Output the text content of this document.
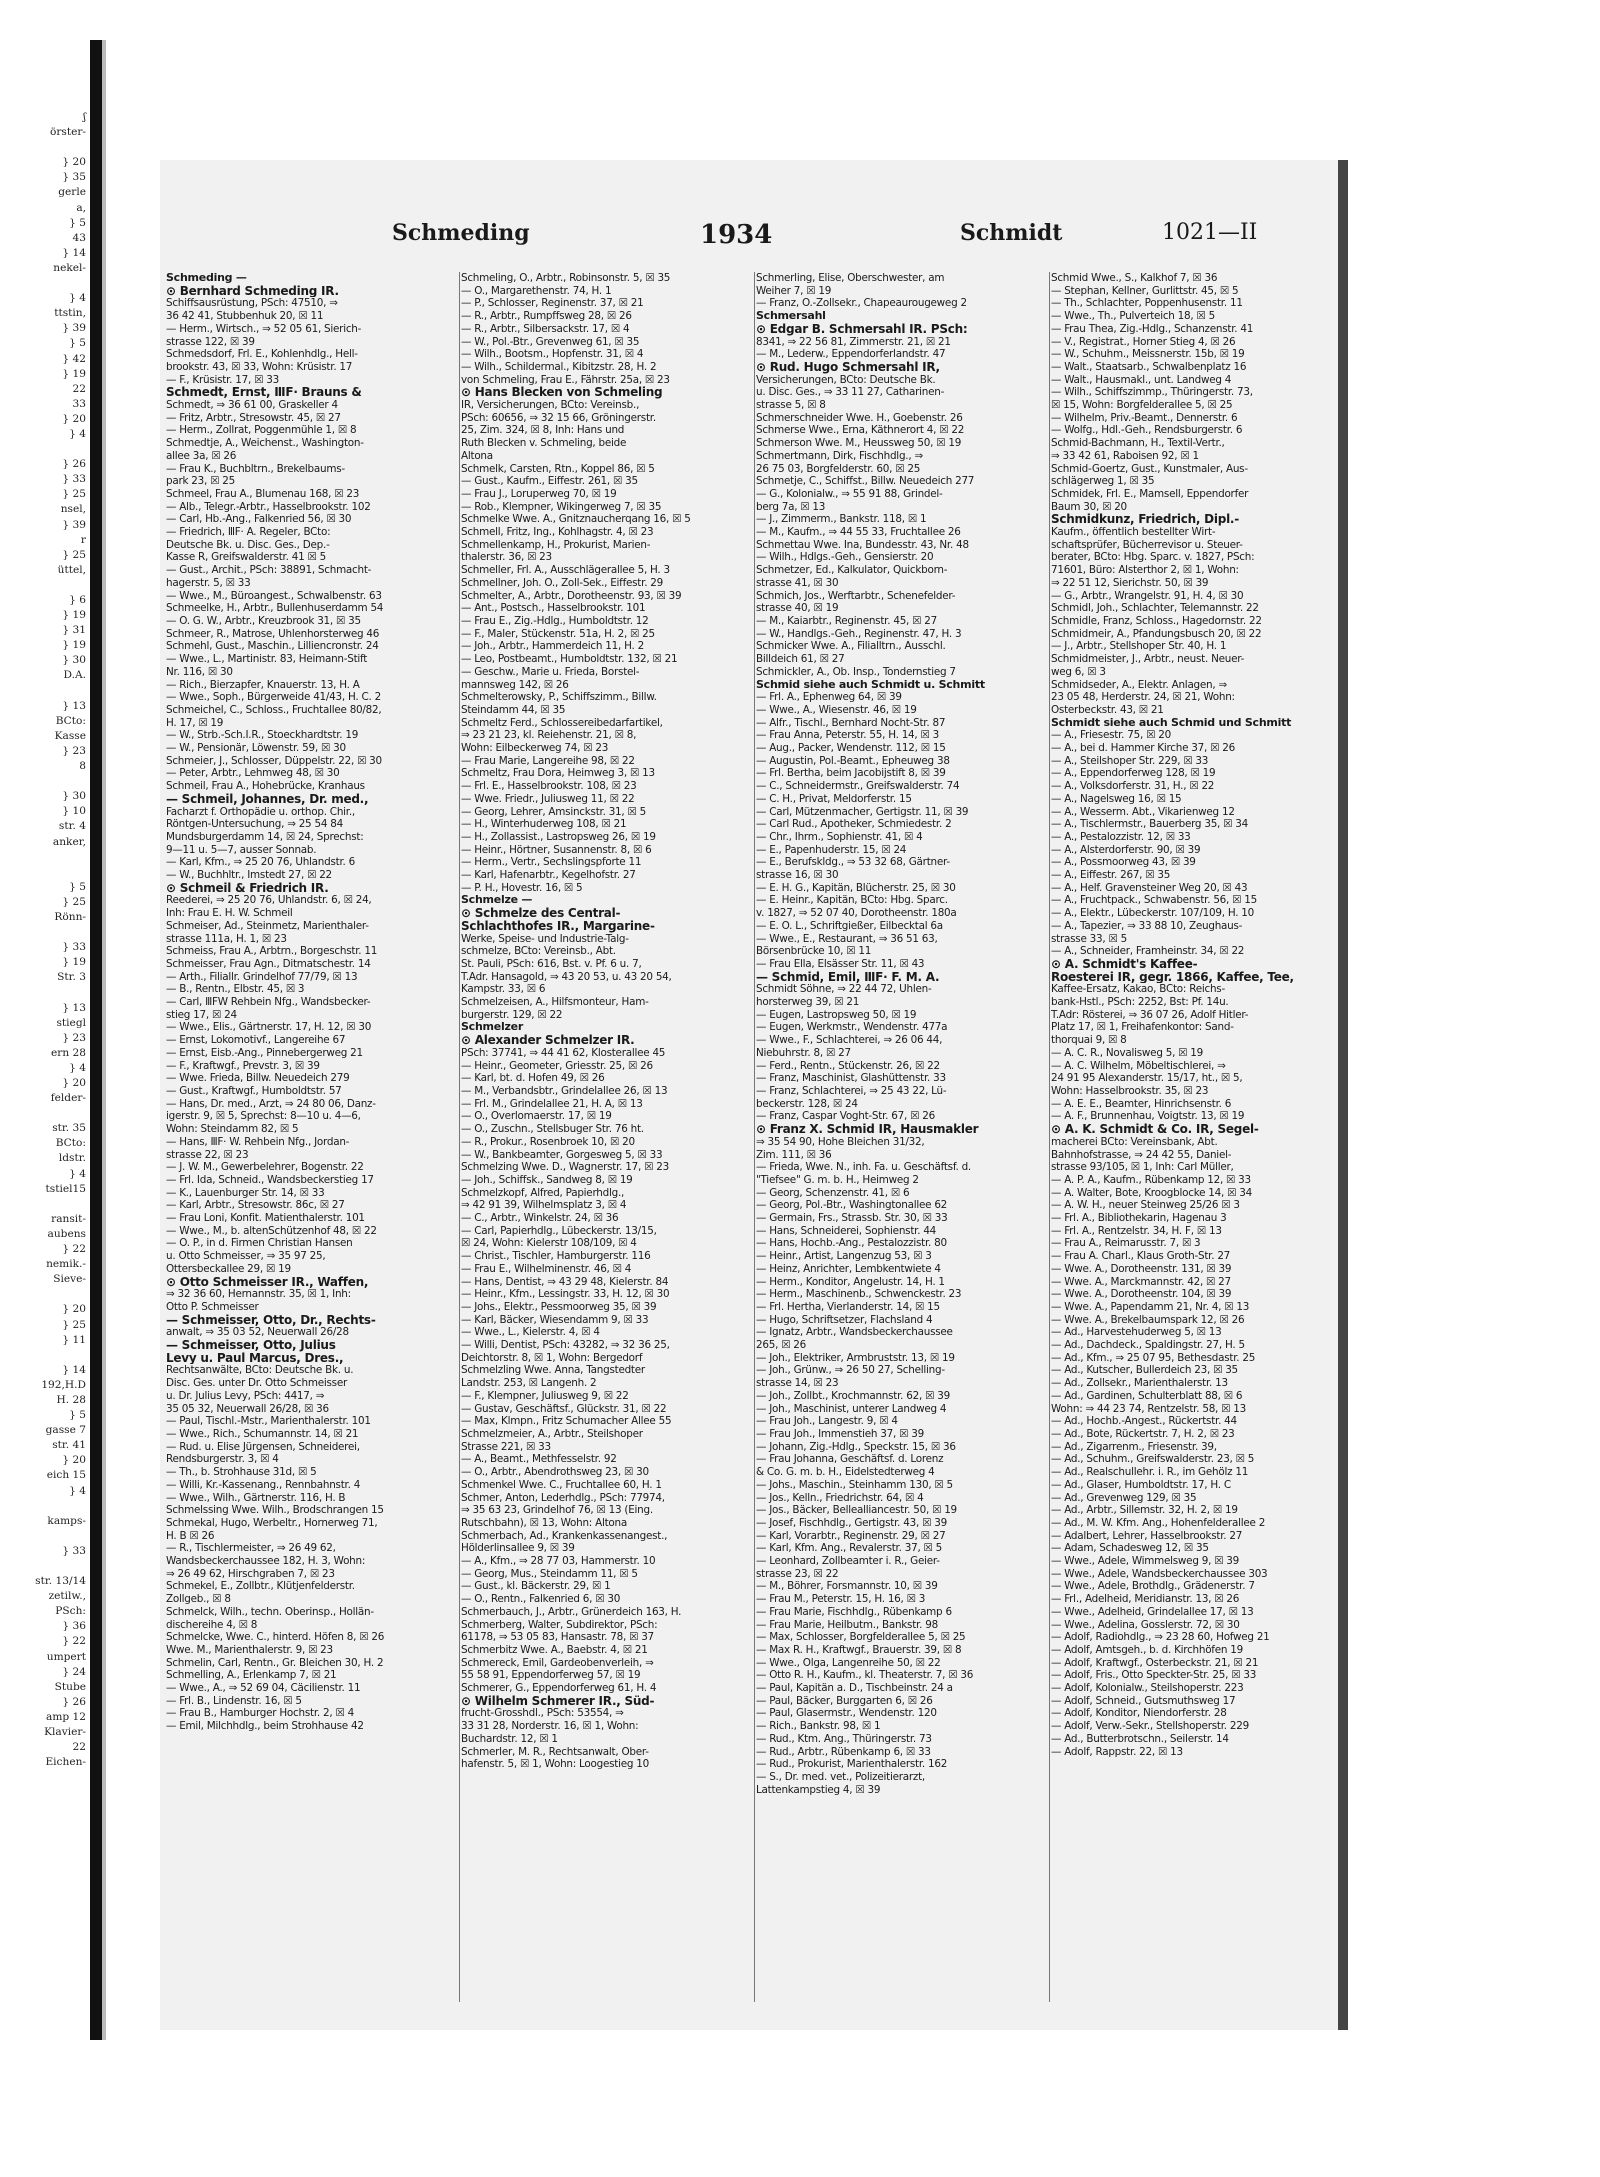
ʃ
örster-

} 20
} 35
gerle
a,
} 5
43
} 14
nekel-

} 4
ttstin,
} 39
} 5
} 42
} 19
22
33
} 20
} 4

} 26
} 33
} 25
nsel,
} 39
r
} 25
üttel,

} 6
} 19
} 31
} 19
} 30
D.A.

} 13
BCto:
Kasse
} 23
8

} 30
} 10
str. 4
anker,

} 5
} 25
Rönn-

} 33
} 19
Str. 3

} 13
stiegl
} 23
ern 28
} 4
} 20
felder-

str. 35
BCto:
ldstr.
} 4
tstiel15

ransit-
aubens
} 22
nemik.-
Sieve-

} 20
} 25
} 11

} 14
192,H.D
H. 28
} 5
gasse 7
str. 41
} 20
eich 15
} 4

kamps-

} 33

str. 13/14
zetilw.,
PSch:
} 36
} 22
umpert
} 24
Stube
} 26
amp 12
Klavier-
22
Eichen-
Schmeding	1934	Schmidt	1021—II
Schmeding —
⊙ Bernhard Schmeding IR.
Schiffsausrüstung, PSch: 47510, ⇒
36 42 41, Stubbenhuk 20, ☒ 11
— Herm., Wirtsch., ⇒ 52 05 61, Sierich-
strasse 122, ☒ 39
Schmedsdorf, Frl. E., Kohlenhdlg., Hell-
brookstr. 43, ☒ 33, Wohn: Krüsistr. 17
— F., Krüsistr. 17, ☒ 33
Schmedt, Ernst, ⅢF· Brauns &
Schmedt, ⇒ 36 61 00, Graskeller 4
— Fritz, Arbtr., Stresowstr. 45, ☒ 27
— Herm., Zollrat, Poggenmühle 1, ☒ 8
Schmedtje, A., Weichenst., Washington-
allee 3a, ☒ 26
— Frau K., Buchbltrn., Brekelbaums-
park 23, ☒ 25
Schmeel, Frau A., Blumenau 168, ☒ 23
— Alb., Telegr.-Arbtr., Hasselbrookstr. 102
— Carl, Hb.-Ang., Falkenried 56, ☒ 30
— Friedrich, ⅢF· A. Regeler, BCto:
Deutsche Bk. u. Disc. Ges., Dep.-
Kasse R, Greifswalderstr. 41 ☒ 5
— Gust., Archit., PSch: 38891, Schmacht-
hagerstr. 5, ☒ 33
— Wwe., M., Büroangest., Schwalbenstr. 63
Schmeelke, H., Arbtr., Bullenhuserdamm 54
— O. G. W., Arbtr., Kreuzbrook 31, ☒ 35
Schmeer, R., Matrose, Uhlenhorsterweg 46
Schmehl, Gust., Maschin., Lilliencronstr. 24
— Wwe., L., Martinistr. 83, Heimann-Stift
Nr. 116, ☒ 30
— Rich., Bierzapfer, Knauerstr. 13, H. A
— Wwe., Soph., Bürgerweide 41/43, H. C. 2
Schmeichel, C., Schloss., Fruchtallee 80/82,
H. 17, ☒ 19
— W., Strb.-Sch.I.R., Stoeckhardtstr. 19
— W., Pensionär, Löwenstr. 59, ☒ 30
Schmeier, J., Schlosser, Düppelstr. 22, ☒ 30
— Peter, Arbtr., Lehmweg 48, ☒ 30
Schmeil, Frau A., Hohebrücke, Kranhaus
— Schmeil, Johannes, Dr. med.,
Facharzt f. Orthopädie u. orthop. Chir.,
Röntgen-Untersuchung, ⇒ 25 54 84
Mundsburgerdamm 14, ☒ 24, Sprechst:
9—11 u. 5—7, ausser Sonnab.
— Karl, Kfm., ⇒ 25 20 76, Uhlandstr. 6
— W., Buchhltr., Imstedt 27, ☒ 22
⊙ Schmeil & Friedrich IR.
Reederei, ⇒ 25 20 76, Uhlandstr. 6, ☒ 24,
Inh: Frau E. H. W. Schmeil
Schmeiser, Ad., Steinmetz, Marienthaler-
strasse 111a, H. 1, ☒ 23
Schmeiss, Frau A., Arbtrn., Borgeschstr. 11
Schmeisser, Frau Agn., Ditmatschestr. 14
— Arth., Filiallr. Grindelhof 77/79, ☒ 13
— B., Rentn., Elbstr. 45, ☒ 3
— Carl, ⅢFW Rehbein Nfg., Wandsbecker-
stieg 17, ☒ 24
— Wwe., Elis., Gärtnerstr. 17, H. 12, ☒ 30
— Ernst, Lokomotivf., Langereihe 67
— Ernst, Eisb.-Ang., Pinnebergerweg 21
— F., Kraftwgf., Prevstr. 3, ☒ 39
— Wwe. Frieda, Billw. Neuedeich 279
— Gust., Kraftwgf., Humboldtstr. 57
— Hans, Dr. med., Arzt, ⇒ 24 80 06, Danz-
igerstr. 9, ☒ 5, Sprechst: 8—10 u. 4—6,
Wohn: Steindamm 82, ☒ 5
— Hans, ⅢF· W. Rehbein Nfg., Jordan-
strasse 22, ☒ 23
— J. W. M., Gewerbelehrer, Bogenstr. 22
— Frl. Ida, Schneid., Wandsbeckerstieg 17
— K., Lauenburger Str. 14, ☒ 33
— Karl, Arbtr., Stresowstr. 86c, ☒ 27
— Frau Loni, Konfit. Matienthalerstr. 101
— Wwe., M., b. altenSchützenhof 48, ☒ 22
— O. P., in d. Firmen Christian Hansen
u. Otto Schmeisser, ⇒ 35 97 25,
Ottersbeckallee 29, ☒ 19
⊙ Otto Schmeisser IR., Waffen,
⇒ 32 36 60, Hernannstr. 35, ☒ 1, Inh:
Otto P. Schmeisser
— Schmeisser, Otto, Dr., Rechts-
anwalt, ⇒ 35 03 52, Neuerwall 26/28
— Schmeisser, Otto, Julius
Levy u. Paul Marcus, Dres.,
Rechtsanwälte, BCto: Deutsche Bk. u.
Disc. Ges. unter Dr. Otto Schmeisser
u. Dr. Julius Levy, PSch: 4417, ⇒
35 05 32, Neuerwall 26/28, ☒ 36
— Paul, Tischl.-Mstr., Marienthalerstr. 101
— Wwe., Rich., Schumannstr. 14, ☒ 21
— Rud. u. Elise Jürgensen, Schneiderei,
Rendsburgerstr. 3, ☒ 4
— Th., b. Strohhause 31d, ☒ 5
— Willi, Kr.-Kassenang., Rennbahnstr. 4
— Wwe., Wilh., Gärtnerstr. 116, H. B
Schmelssing Wwe. Wilh., Brodschrangen 15
Schmekal, Hugo, Werbeltr., Hornerweg 71,
H. B ☒ 26
— R., Tischlermeister, ⇒ 26 49 62,
Wandsbeckerchaussee 182, H. 3, Wohn:
⇒ 26 49 62, Hirschgraben 7, ☒ 23
Schmekel, E., Zollbtr., Klütjenfelderstr.
Zollgeb., ☒ 8
Schmelck, Wilh., techn. Oberinsp., Hollän-
dischereihe 4, ☒ 8
Schmelcke, Wwe. C., hinterd. Höfen 8, ☒ 26
Wwe. M., Marienthalerstr. 9, ☒ 23
Schmelin, Carl, Rentn., Gr. Bleichen 30, H. 2
Schmelling, A., Erlenkamp 7, ☒ 21
— Wwe., A., ⇒ 52 69 04, Cäcilienstr. 11
— Frl. B., Lindenstr. 16, ☒ 5
— Frau B., Hamburger Hochstr. 2, ☒ 4
— Emil, Milchhdlg., beim Strohhause 42
Schmeling, O., Arbtr., Robinsonstr. 5, ☒ 35
— O., Margarethenstr. 74, H. 1
— P., Schlosser, Reginenstr. 37, ☒ 21
— R., Arbtr., Rumpffsweg 28, ☒ 26
— R., Arbtr., Silbersackstr. 17, ☒ 4
— W., Pol.-Btr., Grevenweg 61, ☒ 35
— Wilh., Bootsm., Hopfenstr. 31, ☒ 4
— Wilh., Schildermal., Kibitzstr. 28, H. 2
von Schmeling, Frau E., Fährstr. 25a, ☒ 23
⊙ Hans Blecken von Schmeling
IR, Versicherungen, BCto: Vereinsb.,
PSch: 60656, ⇒ 32 15 66, Gröningerstr.
25, Zim. 324, ☒ 8, Inh: Hans und
Ruth Blecken v. Schmeling, beide
Altona
Schmelk, Carsten, Rtn., Koppel 86, ☒ 5
— Gust., Kaufm., Eiffestr. 261, ☒ 35
— Frau J., Loruperweg 70, ☒ 19
— Rob., Klempner, Wikingerweg 7, ☒ 35
Schmelke Wwe. A., Gnitznaucherqang 16, ☒ 5
Schmell, Fritz, Ing., Kohlhagstr. 4, ☒ 23
Schmellenkamp, H., Prokurist, Marien-
thalerstr. 36, ☒ 23
Schmeller, Frl. A., Ausschlägerallee 5, H. 3
Schmellner, Joh. O., Zoll-Sek., Eiffestr. 29
Schmelter, A., Arbtr., Dorotheenstr. 93, ☒ 39
— Ant., Postsch., Hasselbrookstr. 101
— Frau E., Zig.-Hdlg., Humboldtstr. 12
— F., Maler, Stückenstr. 51a, H. 2, ☒ 25
— Joh., Arbtr., Hammerdeich 11, H. 2
— Leo, Postbeamt., Humboldtstr. 132, ☒ 21
— Geschw., Marie u. Frieda, Borstel-
mannsweg 142, ☒ 26
Schmelterowsky, P., Schiffszimm., Billw.
Steindamm 44, ☒ 35
Schmeltz Ferd., Schlossereibedarfartikel,
⇒ 23 21 23, kl. Reiehenstr. 21, ☒ 8,
Wohn: Eilbeckerweg 74, ☒ 23
— Frau Marie, Langereihe 98, ☒ 22
Schmeltz, Frau Dora, Heimweg 3, ☒ 13
— Frl. E., Hasselbrookstr. 108, ☒ 23
— Wwe. Friedr., Juliusweg 11, ☒ 22
— Georg, Lehrer, Amsinckstr. 31, ☒ 5
— H., Winterhuderweg 108, ☒ 21
— H., Zollassist., Lastropsweg 26, ☒ 19
— Heinr., Hörtner, Susannenstr. 8, ☒ 6
— Herm., Vertr., Sechslingspforte 11
— Karl, Hafenarbtr., Kegelhofstr. 27
— P. H., Hovestr. 16, ☒ 5
Schmelze —
⊙ Schmelze des Central-
Schlachthofes IR., Margarine-
Werke, Speise- und Industrie-Talg-
schmelze, BCto: Vereinsb., Abt.
St. Pauli, PSch: 616, Bst. v. Pf. 6 u. 7,
T.Adr. Hansagold, ⇒ 43 20 53, u. 43 20 54,
Kampstr. 33, ☒ 6
Schmelzeisen, A., Hilfsmonteur, Ham-
burgerstr. 129, ☒ 22
Schmelzer
⊙ Alexander Schmelzer IR.
PSch: 37741, ⇒ 44 41 62, Klosterallee 45
— Heinr., Geometer, Griesstr. 25, ☒ 26
— Karl, bt. d. Hofen 49, ☒ 26
— M., Verbandsbtr., Grindelallee 26, ☒ 13
— Frl. M., Grindelallee 21, H. A, ☒ 13
— O., Overlomaerstr. 17, ☒ 19
— O., Zuschn., Stellsbuger Str. 76 ht.
— R., Prokur., Rosenbroek 10, ☒ 20
— W., Bankbeamter, Gorgesweg 5, ☒ 33
Schmelzing Wwe. D., Wagnerstr. 17, ☒ 23
— Joh., Schiffsk., Sandweg 8, ☒ 19
Schmelzkopf, Alfred, Papierhdlg.,
⇒ 42 91 39, Wilhelmsplatz 3, ☒ 4
— C., Arbtr., Winkelstr. 24, ☒ 36
— Carl, Papierhdlg., Lübeckerstr. 13/15,
☒ 24, Wohn: Kielerstr 108/109, ☒ 4
— Christ., Tischler, Hamburgerstr. 116
— Frau E., Wilhelminenstr. 46, ☒ 4
— Hans, Dentist, ⇒ 43 29 48, Kielerstr. 84
— Heinr., Kfm., Lessingstr. 33, H. 12, ☒ 30
— Johs., Elektr., Pessmoorweg 35, ☒ 39
— Karl, Bäcker, Wiesendamm 9, ☒ 33
— Wwe., L., Kielerstr. 4, ☒ 4
— Willi, Dentist, PSch: 43282, ⇒ 32 36 25,
Deichtorstr. 8, ☒ 1, Wohn: Bergedorf
Schmelzling Wwe. Anna, Tangstedter
Landstr. 253, ☒ Langenh. 2
— F., Klempner, Juliusweg 9, ☒ 22
— Gustav, Geschäftsf., Glückstr. 31, ☒ 22
— Max, Klmpn., Fritz Schumacher Allee 55
Schmelzmeier, A., Arbtr., Steilshoper
Strasse 221, ☒ 33
— A., Beamt., Methfesselstr. 92
— O., Arbtr., Abendrothsweg 23, ☒ 30
Schmenkel Wwe. C., Fruchtallee 60, H. 1
Schmer, Anton, Lederhdlg., PSch: 77974,
⇒ 35 63 23, Grindelhof 76, ☒ 13 (Eing.
Rutschbahn), ☒ 13, Wohn: Altona
Schmerbach, Ad., Krankenkassenangest.,
Hölderlinsallee 9, ☒ 39
— A., Kfm., ⇒ 28 77 03, Hammerstr. 10
— Georg, Mus., Steindamm 11, ☒ 5
— Gust., kl. Bäckerstr. 29, ☒ 1
— O., Rentn., Falkenried 6, ☒ 30
Schmerbauch, J., Arbtr., Grünerdeich 163, H.
Schmerberg, Walter, Subdirektor, PSch:
61178, ⇒ 53 05 83, Hansastr. 78, ☒ 37
Schmerbitz Wwe. A., Baebstr. 4, ☒ 21
Schmereck, Emil, Gardeobenverleih, ⇒
55 58 91, Eppendorferweg 57, ☒ 19
Schmerer, G., Eppendorferweg 61, H. 4
⊙ Wilhelm Schmerer IR., Süd-
frucht-Grosshdl., PSch: 53554, ⇒
33 31 28, Norderstr. 16, ☒ 1, Wohn:
Buchardstr. 12, ☒ 1
Schmerler, M. R., Rechtsanwalt, Ober-
hafenstr. 5, ☒ 1, Wohn: Loogestieg 10
Schmerling, Elise, Oberschwester, am
Weiher 7, ☒ 19
— Franz, O.-Zollsekr., Chapeaurougeweg 2
Schmersahl
⊙ Edgar B. Schmersahl IR. PSch:
8341, ⇒ 22 56 81, Zimmerstr. 21, ☒ 21
— M., Lederw., Eppendorferlandstr. 47
⊙ Rud. Hugo Schmersahl IR,
Versicherungen, BCto: Deutsche Bk.
u. Disc. Ges., ⇒ 33 11 27, Catharinen-
strasse 5, ☒ 8
Schmerschneider Wwe. H., Goebenstr. 26
Schmerse Wwe., Erna, Käthnerort 4, ☒ 22
Schmerson Wwe. M., Heussweg 50, ☒ 19
Schmertmann, Dirk, Fischhdlg., ⇒
26 75 03, Borgfelderstr. 60, ☒ 25
Schmetje, C., Schiffst., Billw. Neuedeich 277
— G., Kolonialw., ⇒ 55 91 88, Grindel-
berg 7a, ☒ 13
— J., Zimmerm., Bankstr. 118, ☒ 1
— M., Kaufm., ⇒ 44 55 33, Fruchtallee 26
Schmettau Wwe. Ina, Bundesstr. 43, Nr. 48
— Wilh., Hdlgs.-Geh., Gensierstr. 20
Schmetzer, Ed., Kalkulator, Quickborn-
strasse 41, ☒ 30
Schmich, Jos., Werftarbtr., Schenefelder-
strasse 40, ☒ 19
— M., Kaiarbtr., Reginenstr. 45, ☒ 27
— W., Handlgs.-Geh., Reginenstr. 47, H. 3
Schmicker Wwe. A., Filialltrn., Ausschl.
Billdeich 61, ☒ 27
Schmickler, A., Ob. Insp., Tondernstieg 7
Schmid siehe auch Schmidt u. Schmitt
— Frl. A., Ephenweg 64, ☒ 39
— Wwe., A., Wiesenstr. 46, ☒ 19
— Alfr., Tischl., Bernhard Nocht-Str. 87
— Frau Anna, Peterstr. 55, H. 14, ☒ 3
— Aug., Packer, Wendenstr. 112, ☒ 15
— Augustin, Pol.-Beamt., Epheuweg 38
— Frl. Bertha, beim Jacobijstift 8, ☒ 39
— C., Schneidermstr., Greifswalderstr. 74
— C. H., Privat, Meldorferstr. 15
— Carl, Mützenmacher, Gertigstr. 11, ☒ 39
— Carl Rud., Apotheker, Schmiedestr. 2
— Chr., Ihrm., Sophienstr. 41, ☒ 4
— E., Papenhuderstr. 15, ☒ 24
— E., Berufskldg., ⇒ 53 32 68, Gärtner-
strasse 16, ☒ 30
— E. H. G., Kapitän, Blücherstr. 25, ☒ 30
— E. Heinr., Kapitän, BCto: Hbg. Sparc.
v. 1827, ⇒ 52 07 40, Dorotheenstr. 180a
— E. O. L., Schriftgießer, Eilbecktal 6a
— Wwe., E., Restaurant, ⇒ 36 51 63,
Börsenbrücke 10, ☒ 11
— Frau Ella, Elsässer Str. 11, ☒ 43
— Schmid, Emil, ⅢF· F. M. A.
Schmidt Söhne, ⇒ 22 44 72, Uhlen-
horsterweg 39, ☒ 21
— Eugen, Lastropsweg 50, ☒ 19
— Eugen, Werkmstr., Wendenstr. 477a
— Wwe., F., Schlachterei, ⇒ 26 06 44,
Niebuhrstr. 8, ☒ 27
— Ferd., Rentn., Stückenstr. 26, ☒ 22
— Franz, Maschinist, Glashüttenstr. 33
— Franz, Schlachterei, ⇒ 25 43 22, Lü-
beckerstr. 128, ☒ 24
— Franz, Caspar Voght-Str. 67, ☒ 26
⊙ Franz X. Schmid IR, Hausmakler
⇒ 35 54 90, Hohe Bleichen 31/32,
Zim. 111, ☒ 36
— Frieda, Wwe. N., inh. Fa. u. Geschäftsf. d.
"Tiefsee" G. m. b. H., Heimweg 2
— Georg, Schenzenstr. 41, ☒ 6
— Georg, Pol.-Btr., Washingtonallee 62
— Germain, Frs., Strassb. Str. 30, ☒ 33
— Hans, Schneiderei, Sophienstr. 44
— Hans, Hochb.-Ang., Pestalozzistr. 80
— Heinr., Artist, Langenzug 53, ☒ 3
— Heinz, Anrichter, Lembkentwiete 4
— Herm., Konditor, Angelustr. 14, H. 1
— Herm., Maschinenb., Schwenckestr. 23
— Frl. Hertha, Vierlanderstr. 14, ☒ 15
— Hugo, Schriftsetzer, Flachsland 4
— Ignatz, Arbtr., Wandsbeckerchaussee
265, ☒ 26
— Joh., Elektriker, Armbruststr. 13, ☒ 19
— Joh., Grünw., ⇒ 26 50 27, Schelling-
strasse 14, ☒ 23
— Joh., Zollbt., Krochmannstr. 62, ☒ 39
— Joh., Maschinist, unterer Landweg 4
— Frau Joh., Langestr. 9, ☒ 4
— Frau Joh., Immenstieh 37, ☒ 39
— Johann, Zig.-Hdlg., Speckstr. 15, ☒ 36
— Frau Johanna, Geschäftsf. d. Lorenz
& Co. G. m. b. H., Eidelstedterweg 4
— Johs., Maschin., Steinhamm 130, ☒ 5
— Jos., Kelln., Friedrichstr. 64, ☒ 4
— Jos., Bäcker, Bellealliancestr. 50, ☒ 19
— Josef, Fischhdlg., Gertigstr. 43, ☒ 39
— Karl, Vorarbtr., Reginenstr. 29, ☒ 27
— Karl, Kfm. Ang., Revalerstr. 37, ☒ 5
— Leonhard, Zollbeamter i. R., Geier-
strasse 23, ☒ 22
— M., Böhrer, Forsmannstr. 10, ☒ 39
— Frau M., Peterstr. 15, H. 16, ☒ 3
— Frau Marie, Fischhdlg., Rübenkamp 6
— Frau Marie, Heilbutm., Bankstr. 98
— Max, Schlosser, Borgfelderallee 5, ☒ 25
— Max R. H., Kraftwgf., Brauerstr. 39, ☒ 8
— Wwe., Olga, Langenreihe 50, ☒ 22
— Otto R. H., Kaufm., kl. Theaterstr. 7, ☒ 36
— Paul, Kapitän a. D., Tischbeinstr. 24 a
— Paul, Bäcker, Burggarten 6, ☒ 26
— Paul, Glasermstr., Wendenstr. 120
— Rich., Bankstr. 98, ☒ 1
— Rud., Ktm. Ang., Thüringerstr. 73
— Rud., Arbtr., Rübenkamp 6, ☒ 33
— Rud., Prokurist, Marienthalerstr. 162
— S., Dr. med. vet., Polizeitierarzt,
Lattenkampstieg 4, ☒ 39
Schmid Wwe., S., Kalkhof 7, ☒ 36
— Stephan, Kellner, Gurlittstr. 45, ☒ 5
— Th., Schlachter, Poppenhusenstr. 11
— Wwe., Th., Pulverteich 18, ☒ 5
— Frau Thea, Zig.-Hdlg., Schanzenstr. 41
— V., Registrat., Horner Stieg 4, ☒ 26
— W., Schuhm., Meissnerstr. 15b, ☒ 19
— Walt., Staatsarb., Schwalbenplatz 16
— Walt., Hausmakl., unt. Landweg 4
— Wilh., Schiffszimmp., Thüringerstr. 73,
☒ 15, Wohn: Borgfelderallee 5, ☒ 25
— Wilhelm, Priv.-Beamt., Dennerstr. 6
— Wolfg., Hdl.-Geh., Rendsburgerstr. 6
Schmid-Bachmann, H., Textil-Vertr.,
⇒ 33 42 61, Raboisen 92, ☒ 1
Schmid-Goertz, Gust., Kunstmaler, Aus-
schlägerweg 1, ☒ 35
Schmidek, Frl. E., Mamsell, Eppendorfer
Baum 30, ☒ 20
Schmidkunz, Friedrich, Dipl.-
Kaufm., öffentlich bestellter Wirt-
schaftsprüfer, Bücherrevisor u. Steuer-
berater, BCto: Hbg. Sparc. v. 1827, PSch:
71601, Büro: Alsterthor 2, ☒ 1, Wohn:
⇒ 22 51 12, Sierichstr. 50, ☒ 39
— G., Arbtr., Wrangelstr. 91, H. 4, ☒ 30
Schmidl, Joh., Schlachter, Telemannstr. 22
Schmidle, Franz, Schloss., Hagedornstr. 22
Schmidmeir, A., Pfandungsbusch 20, ☒ 22
— J., Arbtr., Stellshoper Str. 40, H. 1
Schmidmeister, J., Arbtr., neust. Neuer-
weg 6, ☒ 3
Schmidseder, A., Elektr. Anlagen, ⇒
23 05 48, Herderstr. 24, ☒ 21, Wohn:
Osterbeckstr. 43, ☒ 21
Schmidt siehe auch Schmid und Schmitt
— A., Friesestr. 75, ☒ 20
— A., bei d. Hammer Kirche 37, ☒ 26
— A., Steilshoper Str. 229, ☒ 33
— A., Eppendorferweg 128, ☒ 19
— A., Volksdorferstr. 31, H., ☒ 22
— A., Nagelsweg 16, ☒ 15
— A., Wesserm. Abt., Vikarienweg 12
— A., Tischlermstr., Bauerberg 35, ☒ 34
— A., Pestalozzistr. 12, ☒ 33
— A., Alsterdorferstr. 90, ☒ 39
— A., Possmoorweg 43, ☒ 39
— A., Eiffestr. 267, ☒ 35
— A., Helf. Gravensteiner Weg 20, ☒ 43
— A., Fruchtpack., Schwabenstr. 56, ☒ 15
— A., Elektr., Lübeckerstr. 107/109, H. 10
— A., Tapezier, ⇒ 33 88 10, Zeughaus-
strasse 33, ☒ 5
— A., Schneider, Framheinstr. 34, ☒ 22
⊙ A. Schmidt's Kaffee-
Roesterei IR, gegr. 1866, Kaffee, Tee,
Kaffee-Ersatz, Kakao, BCto: Reichs-
bank-Hstl., PSch: 2252, Bst: Pf. 14u.
T.Adr: Rösterei, ⇒ 36 07 26, Adolf Hitler-
Platz 17, ☒ 1, Freihafenkontor: Sand-
thorquai 9, ☒ 8
— A. C. R., Novalisweg 5, ☒ 19
— A. C. Wilhelm, Möbeltischlerei, ⇒
24 91 95 Alexanderstr. 15/17, ht., ☒ 5,
Wohn: Hasselbrookstr. 35, ☒ 23
— A. E. E., Beamter, Hinrichsenstr. 6
— A. F., Brunnenhau, Voigtstr. 13, ☒ 19
⊙ A. K. Schmidt & Co. IR, Segel-
macherei BCto: Vereinsbank, Abt.
Bahnhofstrasse, ⇒ 24 42 55, Daniel-
strasse 93/105, ☒ 1, Inh: Carl Müller,
— A. P. A., Kaufm., Rübenkamp 12, ☒ 33
— A. Walter, Bote, Kroogblocke 14, ☒ 34
— A. W. H., neuer Steinweg 25/26 ☒ 3
— Frl. A., Bibliothekarin, Hagenau 3
— Frl. A., Rentzelstr. 34, H. F, ☒ 13
— Frau A., Reimarusstr. 7, ☒ 3
— Frau A. Charl., Klaus Groth-Str. 27
— Wwe. A., Dorotheenstr. 131, ☒ 39
— Wwe. A., Marckmannstr. 42, ☒ 27
— Wwe. A., Dorotheenstr. 104, ☒ 39
— Wwe. A., Papendamm 21, Nr. 4, ☒ 13
— Wwe. A., Brekelbaumspark 12, ☒ 26
— Ad., Harvestehuderweg 5, ☒ 13
— Ad., Dachdeck., Spaldingstr. 27, H. 5
— Ad., Kfm., ⇒ 25 07 95, Bethesdastr. 25
— Ad., Kutscher, Bullerdeich 23, ☒ 35
— Ad., Zollsekr., Marienthalerstr. 13
— Ad., Gardinen, Schulterblatt 88, ☒ 6
Wohn: ⇒ 44 23 74, Rentzelstr. 58, ☒ 13
— Ad., Hochb.-Angest., Rückertstr. 44
— Ad., Bote, Rückertstr. 7, H. 2, ☒ 23
— Ad., Zigarrenm., Friesenstr. 39,
— Ad., Schuhm., Greifswalderstr. 23, ☒ 5
— Ad., Realschullehr. i. R., im Gehölz 11
— Ad., Glaser, Humboldtstr. 17, H. C
— Ad., Grevenweg 129, ☒ 35
— Ad., Arbtr., Sillemstr. 32, H. 2, ☒ 19
— Ad., M. W. Kfm. Ang., Hohenfelderallee 2
— Adalbert, Lehrer, Hasselbrookstr. 27
— Adam, Schadesweg 12, ☒ 35
— Wwe., Adele, Wimmelsweg 9, ☒ 39
— Wwe., Adele, Wandsbeckerchaussee 303
— Wwe., Adele, Brothdlg., Grädenerstr. 7
— Frl., Adelheid, Meridianstr. 13, ☒ 26
— Wwe., Adelheid, Grindelallee 17, ☒ 13
— Wwe., Adelina, Gosslerstr. 72, ☒ 30
— Adolf, Radiohdlg., ⇒ 23 28 60, Hofweg 21
— Adolf, Amtsgeh., b. d. Kirchhöfen 19
— Adolf, Kraftwgf., Osterbeckstr. 21, ☒ 21
— Adolf, Fris., Otto Speckter-Str. 25, ☒ 33
— Adolf, Kolonialw., Steilshoperstr. 223
— Adolf, Schneid., Gutsmuthsweg 17
— Adolf, Konditor, Niendorferstr. 28
— Adolf, Verw.-Sekr., Stellshoperstr. 229
— Ad., Butterbrotschn., Seilerstr. 14
— Adolf, Rappstr. 22, ☒ 13
